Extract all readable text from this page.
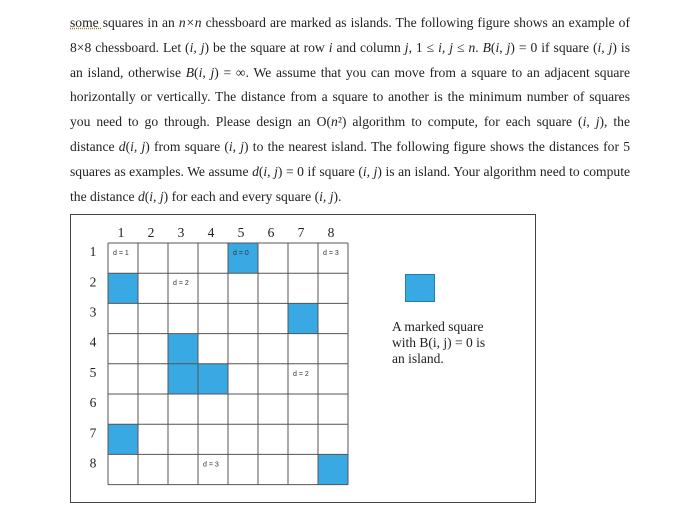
some squares in an n×n chessboard are marked as islands. The following figure shows an example of 8×8 chessboard. Let (i, j) be the square at row i and column j, 1 ≤ i, j ≤ n. B(i, j) = 0 if square (i, j) is an island, otherwise B(i, j) = ∞. We assume that you can move from a square to an adjacent square horizontally or vertically. The distance from a square to another is the minimum number of squares you need to go through. Please design an O(n²) algorithm to compute, for each square (i, j), the distance d(i, j) from square (i, j) to the nearest island. The following figure shows the distances for 5 squares as examples. We assume d(i, j) = 0 if square (i, j) is an island. Your algorithm need to compute the distance d(i, j) for each and every square (i, j).

1 2 3 4 5 6 7 8
1
2
3
4
5
6
7
8
d = 1	d = 0	d = 3
d = 2
d = 2
d = 3
A marked square
with B(i, j) = 0 is
an island.
